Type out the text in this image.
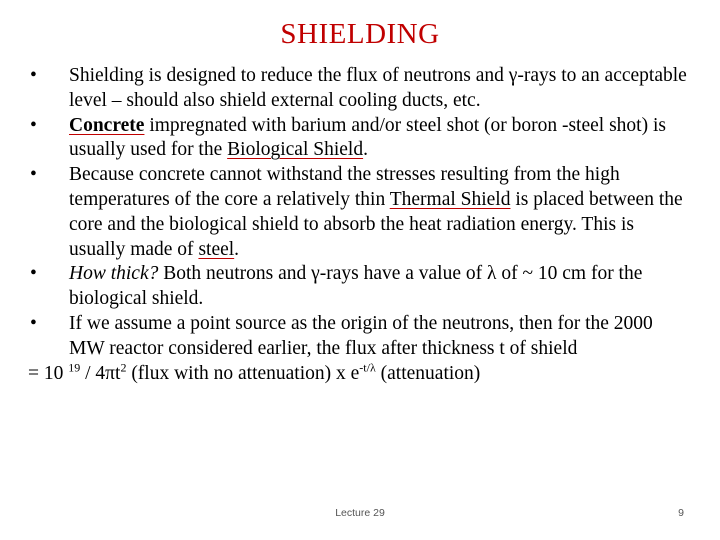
SHIELDING
•	Shielding is designed to reduce the flux of neutrons and γ-rays to an acceptable level – should also shield external cooling ducts, etc.
•	Concrete impregnated with barium and/or steel shot (or boron -steel shot) is usually used for the Biological Shield.
•	Because concrete cannot withstand the stresses resulting from the high temperatures of the core a relatively thin Thermal Shield is placed between the core and the biological shield to absorb the heat radiation energy. This is usually made of steel.
•	How thick? Both neutrons and γ-rays have a value of λ of ~ 10 cm for the biological shield.
•	If we assume a point source as the origin of the neutrons, then for the 2000 MW reactor considered earlier, the flux after thickness t of shield
= 10 $^{19} / 4\pi t^2$ (flux with no attenuation) x $e^{-t/\lambda}$ (attenuation)
Lecture 29	9
